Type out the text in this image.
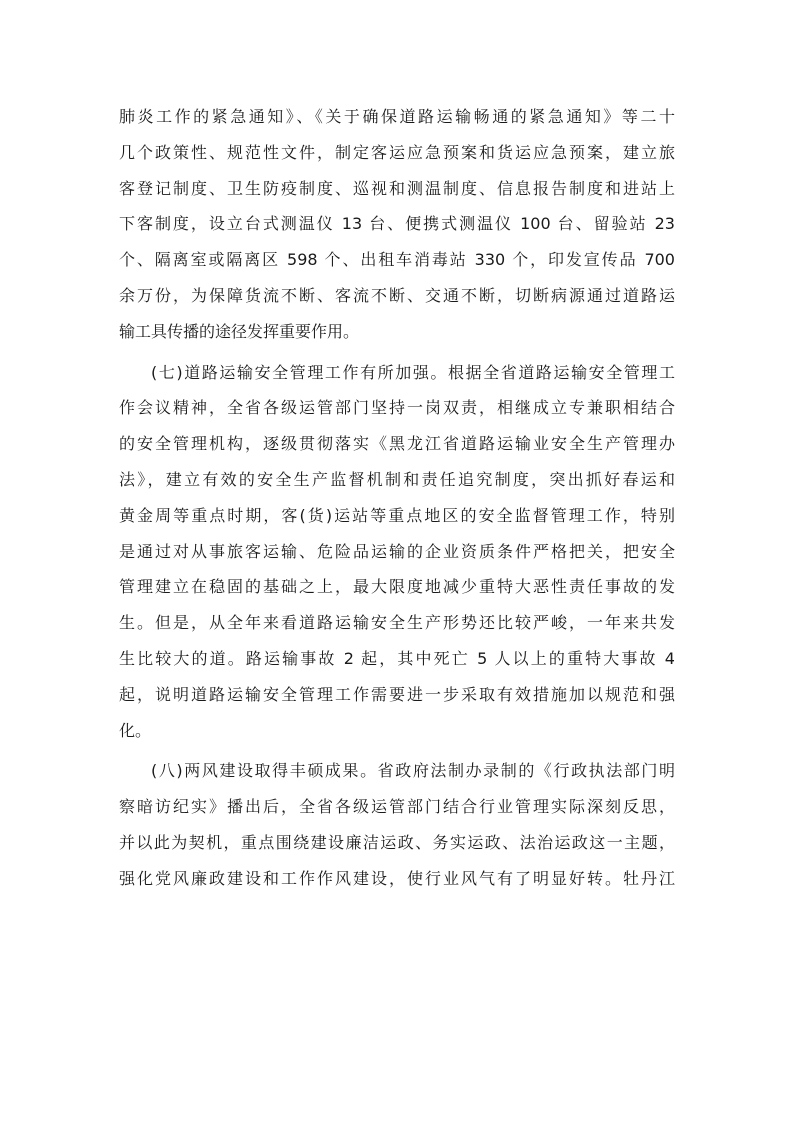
肺炎工作的紧急通知》、《关于确保道路运输畅通的紧急通知》等二十
几个政策性、规范性文件，制定客运应急预案和货运应急预案，建立旅
客登记制度、卫生防疫制度、巡视和测温制度、信息报告制度和进站上
下客制度，设立台式测温仪 13 台、便携式测温仪 100 台、留验站 23
个、隔离室或隔离区 598 个、出租车消毒站 330 个，印发宣传品 700
余万份，为保障货流不断、客流不断、交通不断，切断病源通过道路运
输工具传播的途径发挥重要作用。
(七)道路运输安全管理工作有所加强。根据全省道路运输安全管理工
作会议精神，全省各级运管部门坚持一岗双责，相继成立专兼职相结合
的安全管理机构，逐级贯彻落实《黑龙江省道路运输业安全生产管理办
法》，建立有效的安全生产监督机制和责任追究制度，突出抓好春运和
黄金周等重点时期，客(货)运站等重点地区的安全监督管理工作，特别
是通过对从事旅客运输、危险品运输的企业资质条件严格把关，把安全
管理建立在稳固的基础之上，最大限度地减少重特大恶性责任事故的发
生。但是，从全年来看道路运输安全生产形势还比较严峻，一年来共发
生比较大的道。路运输事故 2 起，其中死亡 5 人以上的重特大事故 4
起，说明道路运输安全管理工作需要进一步采取有效措施加以规范和强
化。
(八)两风建设取得丰硕成果。省政府法制办录制的《行政执法部门明
察暗访纪实》播出后，全省各级运管部门结合行业管理实际深刻反思，
并以此为契机，重点围绕建设廉洁运政、务实运政、法治运政这一主题，
强化党风廉政建设和工作作风建设，使行业风气有了明显好转。牡丹江
